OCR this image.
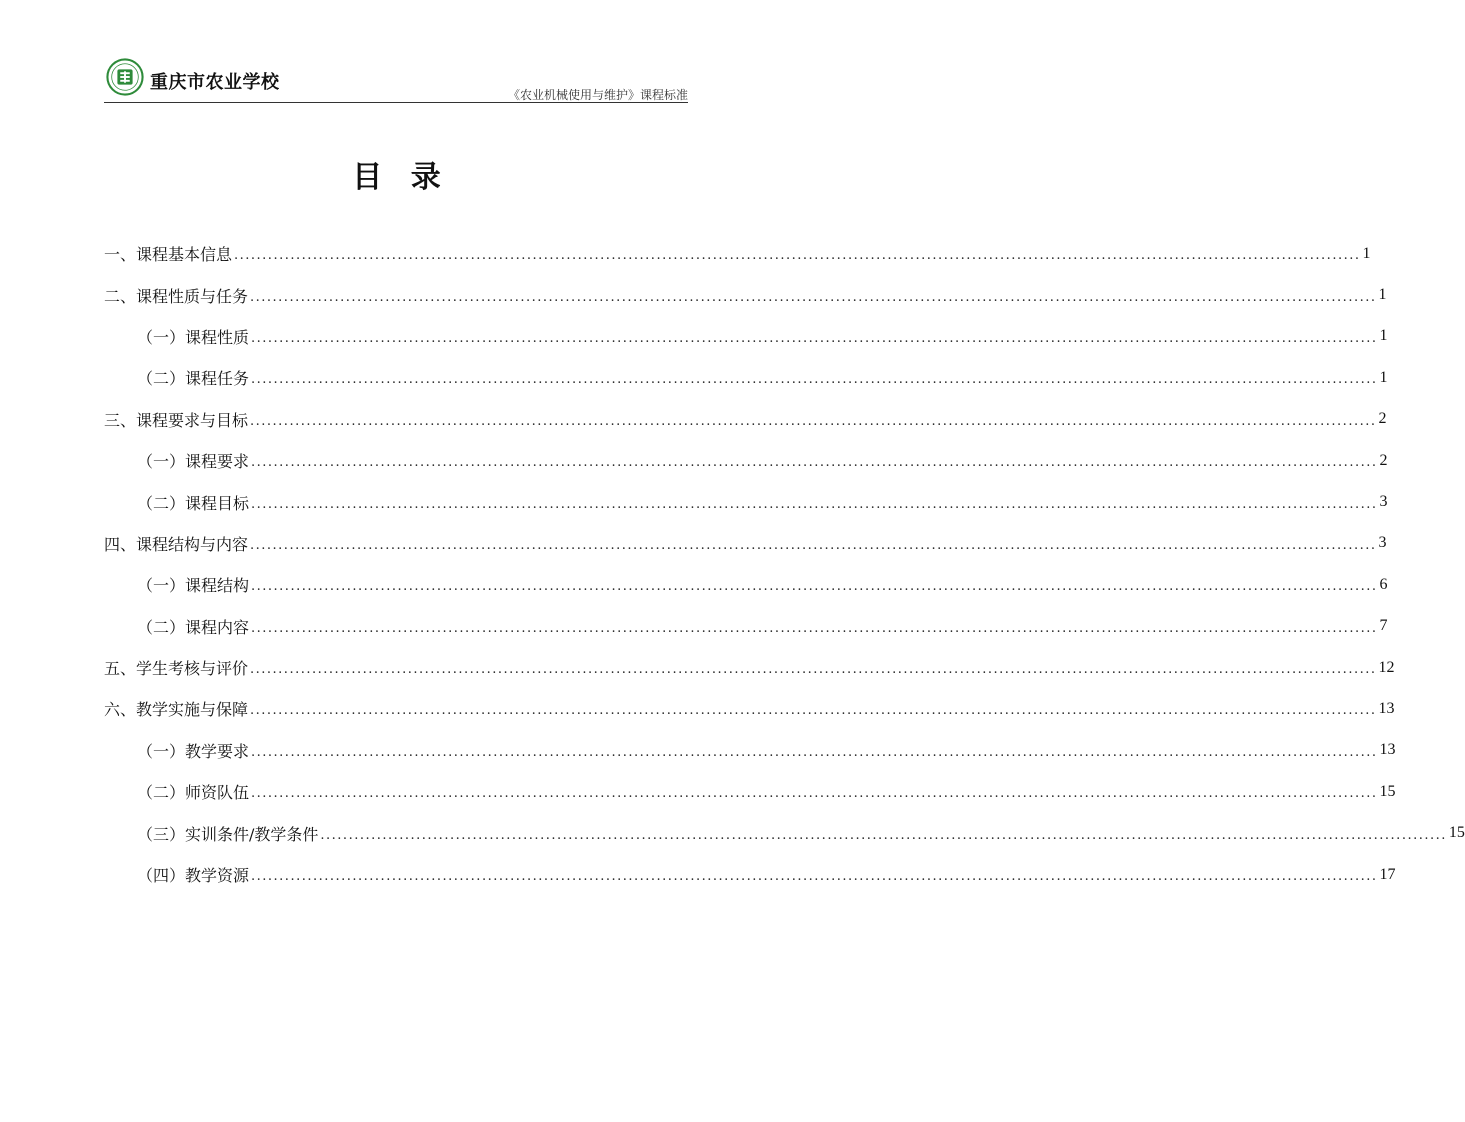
重庆市农业学校
《农业机械使用与维护》课程标准
目 录
一、课程基本信息 ........................................................................................................................................................................................................ 1
二、课程性质与任务 ........................................................................................................................................................................................................ 1
（一）课程性质 ........................................................................................................................................................................................................ 1
（二）课程任务 ........................................................................................................................................................................................................ 1
三、课程要求与目标 ........................................................................................................................................................................................................ 2
（一）课程要求 ........................................................................................................................................................................................................ 2
（二）课程目标 ........................................................................................................................................................................................................ 3
四、课程结构与内容 ........................................................................................................................................................................................................ 3
（一）课程结构 ........................................................................................................................................................................................................ 6
（二）课程内容 ........................................................................................................................................................................................................ 7
五、学生考核与评价 ........................................................................................................................................................................................................ 12
六、教学实施与保障 ........................................................................................................................................................................................................ 13
（一）教学要求 ........................................................................................................................................................................................................ 13
（二）师资队伍 ........................................................................................................................................................................................................ 15
（三）实训条件/教学条件 ........................................................................................................................................................................................................ 15
（四）教学资源 ........................................................................................................................................................................................................ 17
